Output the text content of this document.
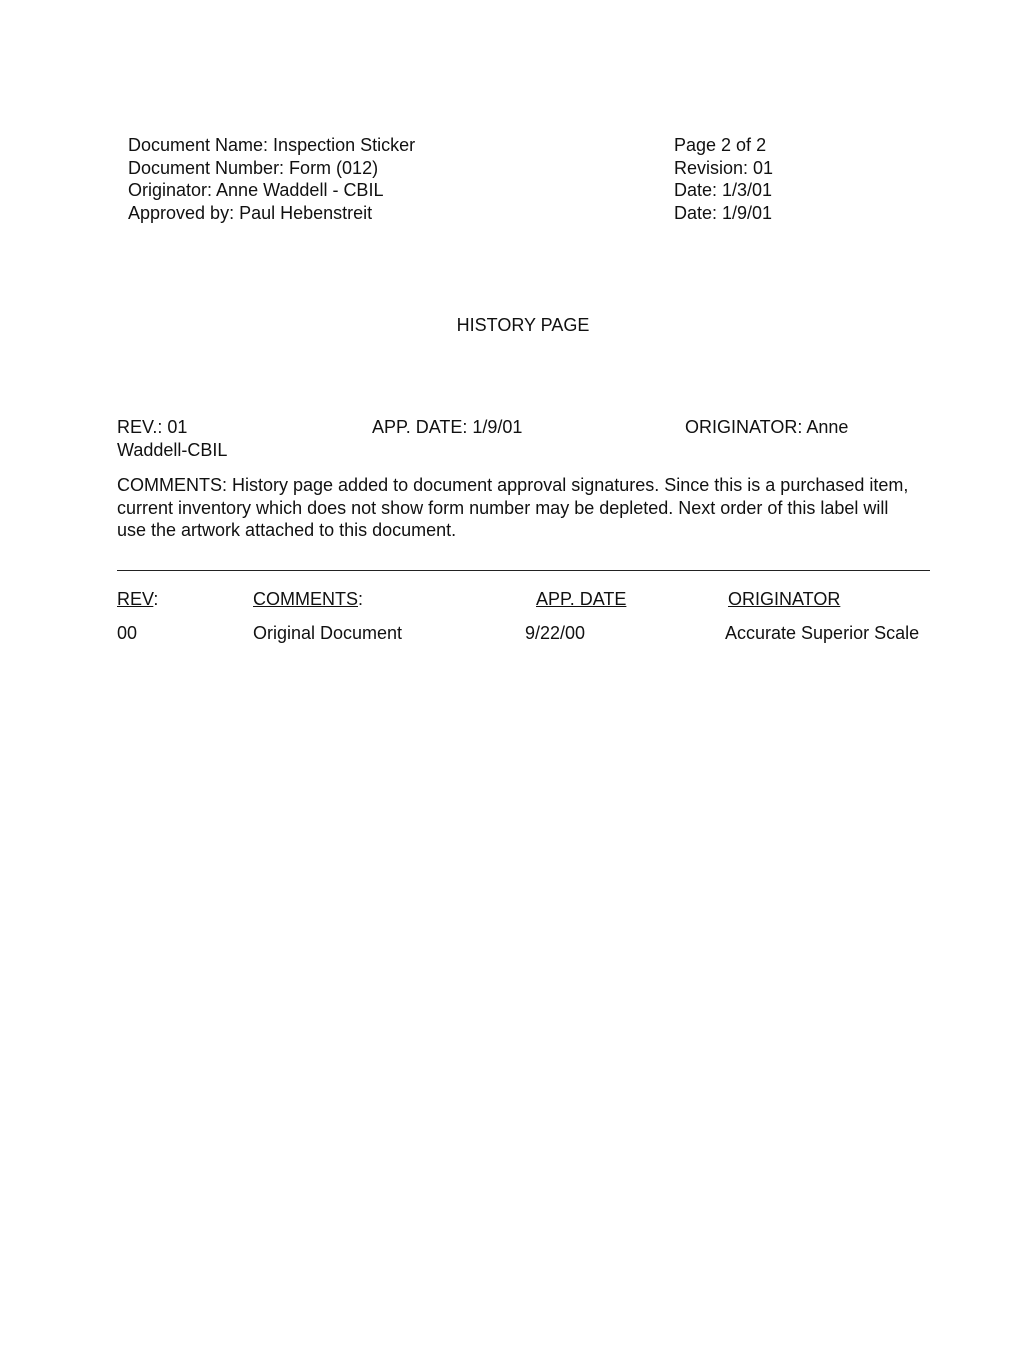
Document Name: Inspection Sticker
Document Number: Form (012)
Originator: Anne Waddell - CBIL
Approved by: Paul Hebenstreit
Page 2 of 2
Revision: 01
Date: 1/3/01
Date: 1/9/01
HISTORY PAGE
REV.: 01	APP. DATE: 1/9/01	ORIGINATOR: Anne
Waddell-CBIL
COMMENTS: History page added to document approval signatures. Since this is a purchased item, current inventory which does not show form number may be depleted. Next order of this label will use the artwork attached to this document.
REV:	COMMENTS:	APP. DATE	ORIGINATOR
00	Original Document	9/22/00	Accurate Superior Scale
